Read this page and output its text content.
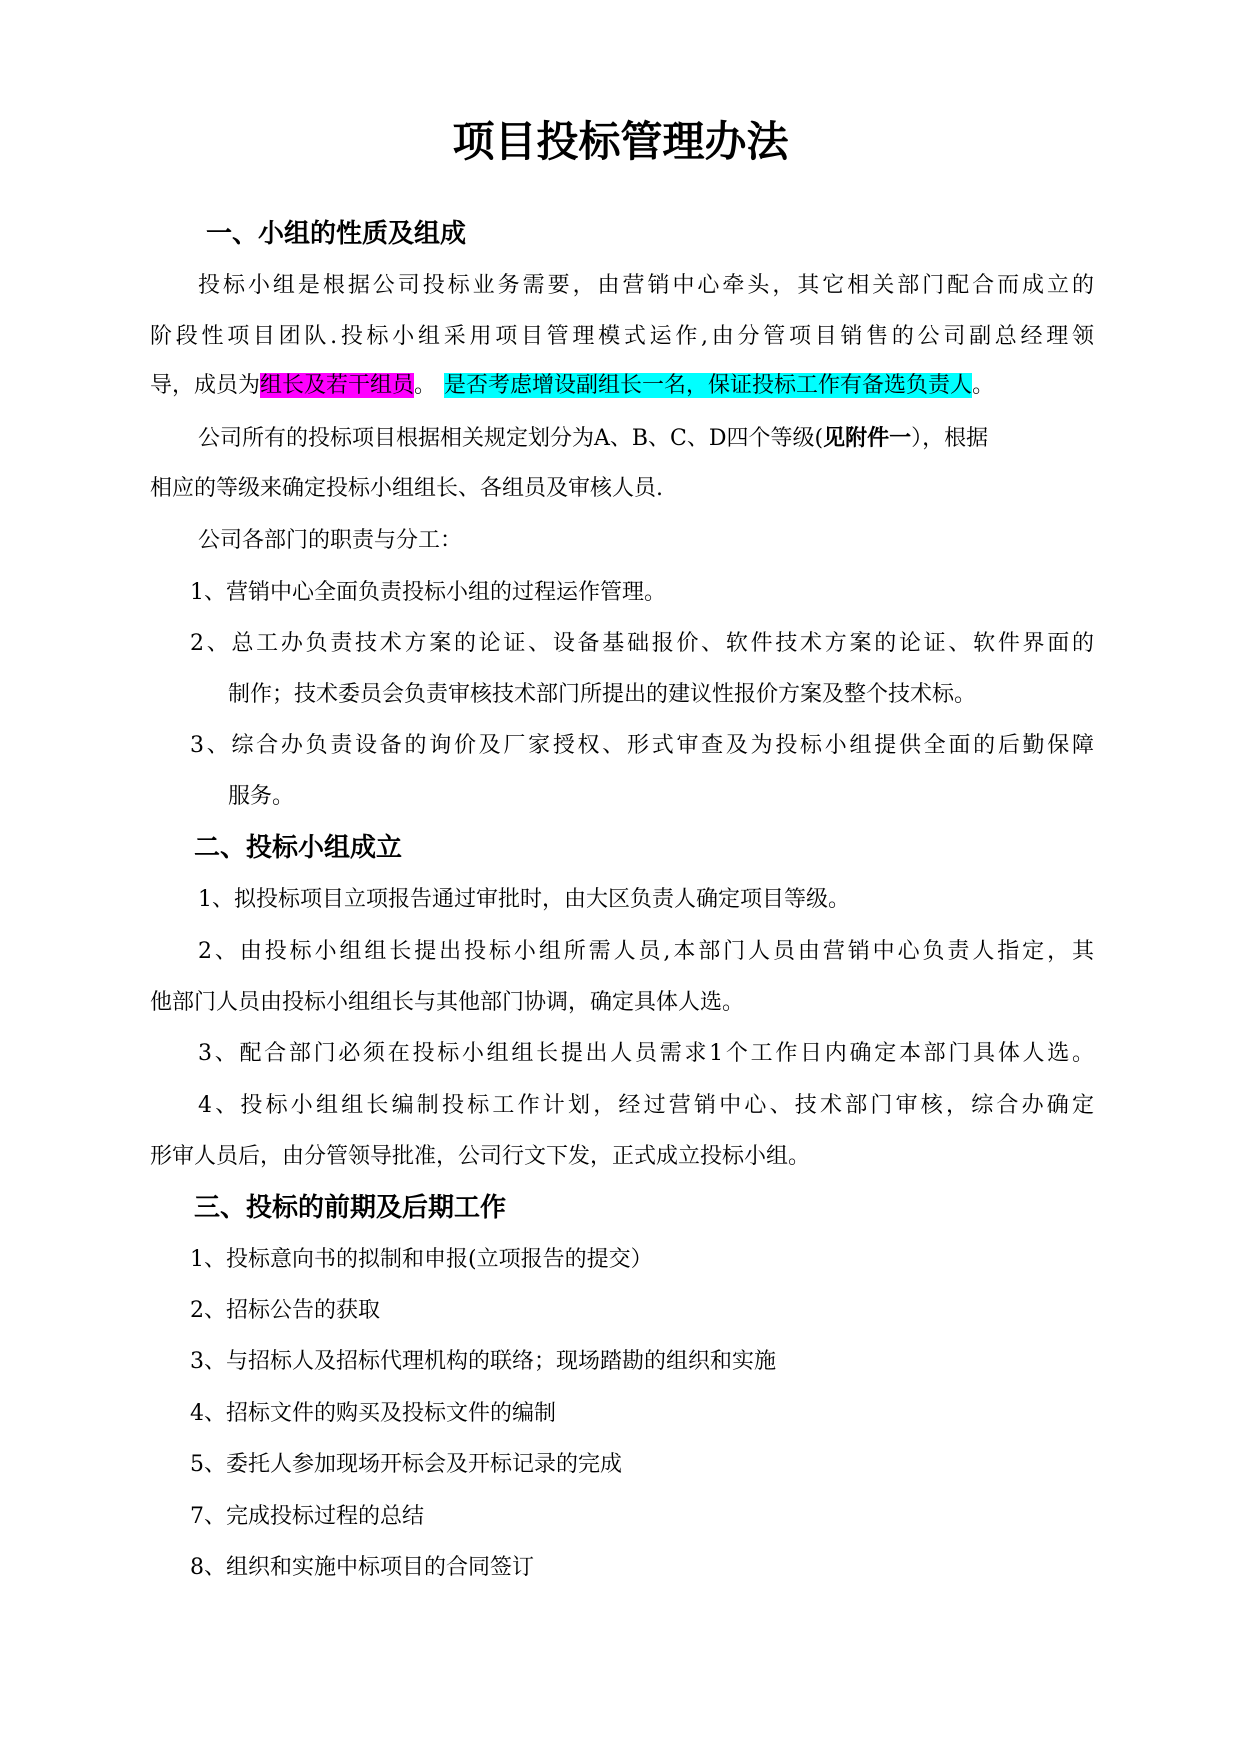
项目投标管理办法
一、小组的性质及组成
投标小组是根据公司投标业务需要，由营销中心牵头，其它相关部门配合而成立的
阶段性项目团队.投标小组采用项目管理模式运作,由分管项目销售的公司副总经理领
导，成员为组长及若干组员。 是否考虑增设副组长一名，保证投标工作有备选负责人。
公司所有的投标项目根据相关规定划分为A、B、C、D四个等级(见附件一），根据
相应的等级来确定投标小组组长、各组员及审核人员.
公司各部门的职责与分工：
1、营销中心全面负责投标小组的过程运作管理。
2、总工办负责技术方案的论证、设备基础报价、软件技术方案的论证、软件界面的
制作；技术委员会负责审核技术部门所提出的建议性报价方案及整个技术标。
3、综合办负责设备的询价及厂家授权、形式审查及为投标小组提供全面的后勤保障
服务。
二、投标小组成立
1、拟投标项目立项报告通过审批时，由大区负责人确定项目等级。
2、由投标小组组长提出投标小组所需人员,本部门人员由营销中心负责人指定，其
他部门人员由投标小组组长与其他部门协调，确定具体人选。
3、配合部门必须在投标小组组长提出人员需求1个工作日内确定本部门具体人选。
4、投标小组组长编制投标工作计划，经过营销中心、技术部门审核，综合办确定
形审人员后，由分管领导批准，公司行文下发，正式成立投标小组。
三、投标的前期及后期工作
1、投标意向书的拟制和申报(立项报告的提交）
2、招标公告的获取
3、与招标人及招标代理机构的联络；现场踏勘的组织和实施
4、招标文件的购买及投标文件的编制
5、委托人参加现场开标会及开标记录的完成
7、完成投标过程的总结
8、组织和实施中标项目的合同签订
